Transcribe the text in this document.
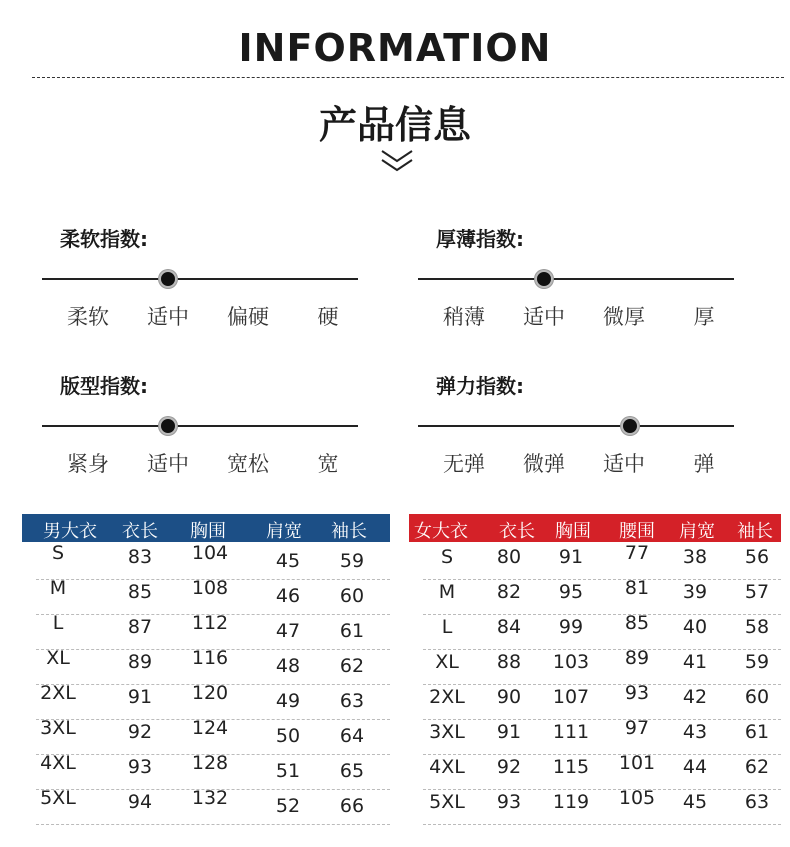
INFORMATION
产品信息
柔软指数:
柔软 适中 偏硬 硬
厚薄指数:
稍薄 适中 微厚 厚
版型指数:
紧身 适中 宽松 宽
弹力指数:
无弹 微弹 适中 弹
男大衣 衣长 胸围 肩宽 袖长
S	83 104	45 59
M	85 108	46 60
L	87 112	47 61
XL	89 116	48 62
2XL	91 120	49 63
3XL	92 124	50 64
4XL	93 128	51 65
5XL	94 132	52 66
女大衣 衣长 胸围 腰围 肩宽 袖长
S 80 91 77 38 56
M 82 95 81 39 57
L 84 99 85 40 58
XL 88 103 89 41 59
2XL 90 107 93 42 60
3XL 91 111 97 43 61
4XL 92 115 101 44 62
5XL 93 119 105 45 63
